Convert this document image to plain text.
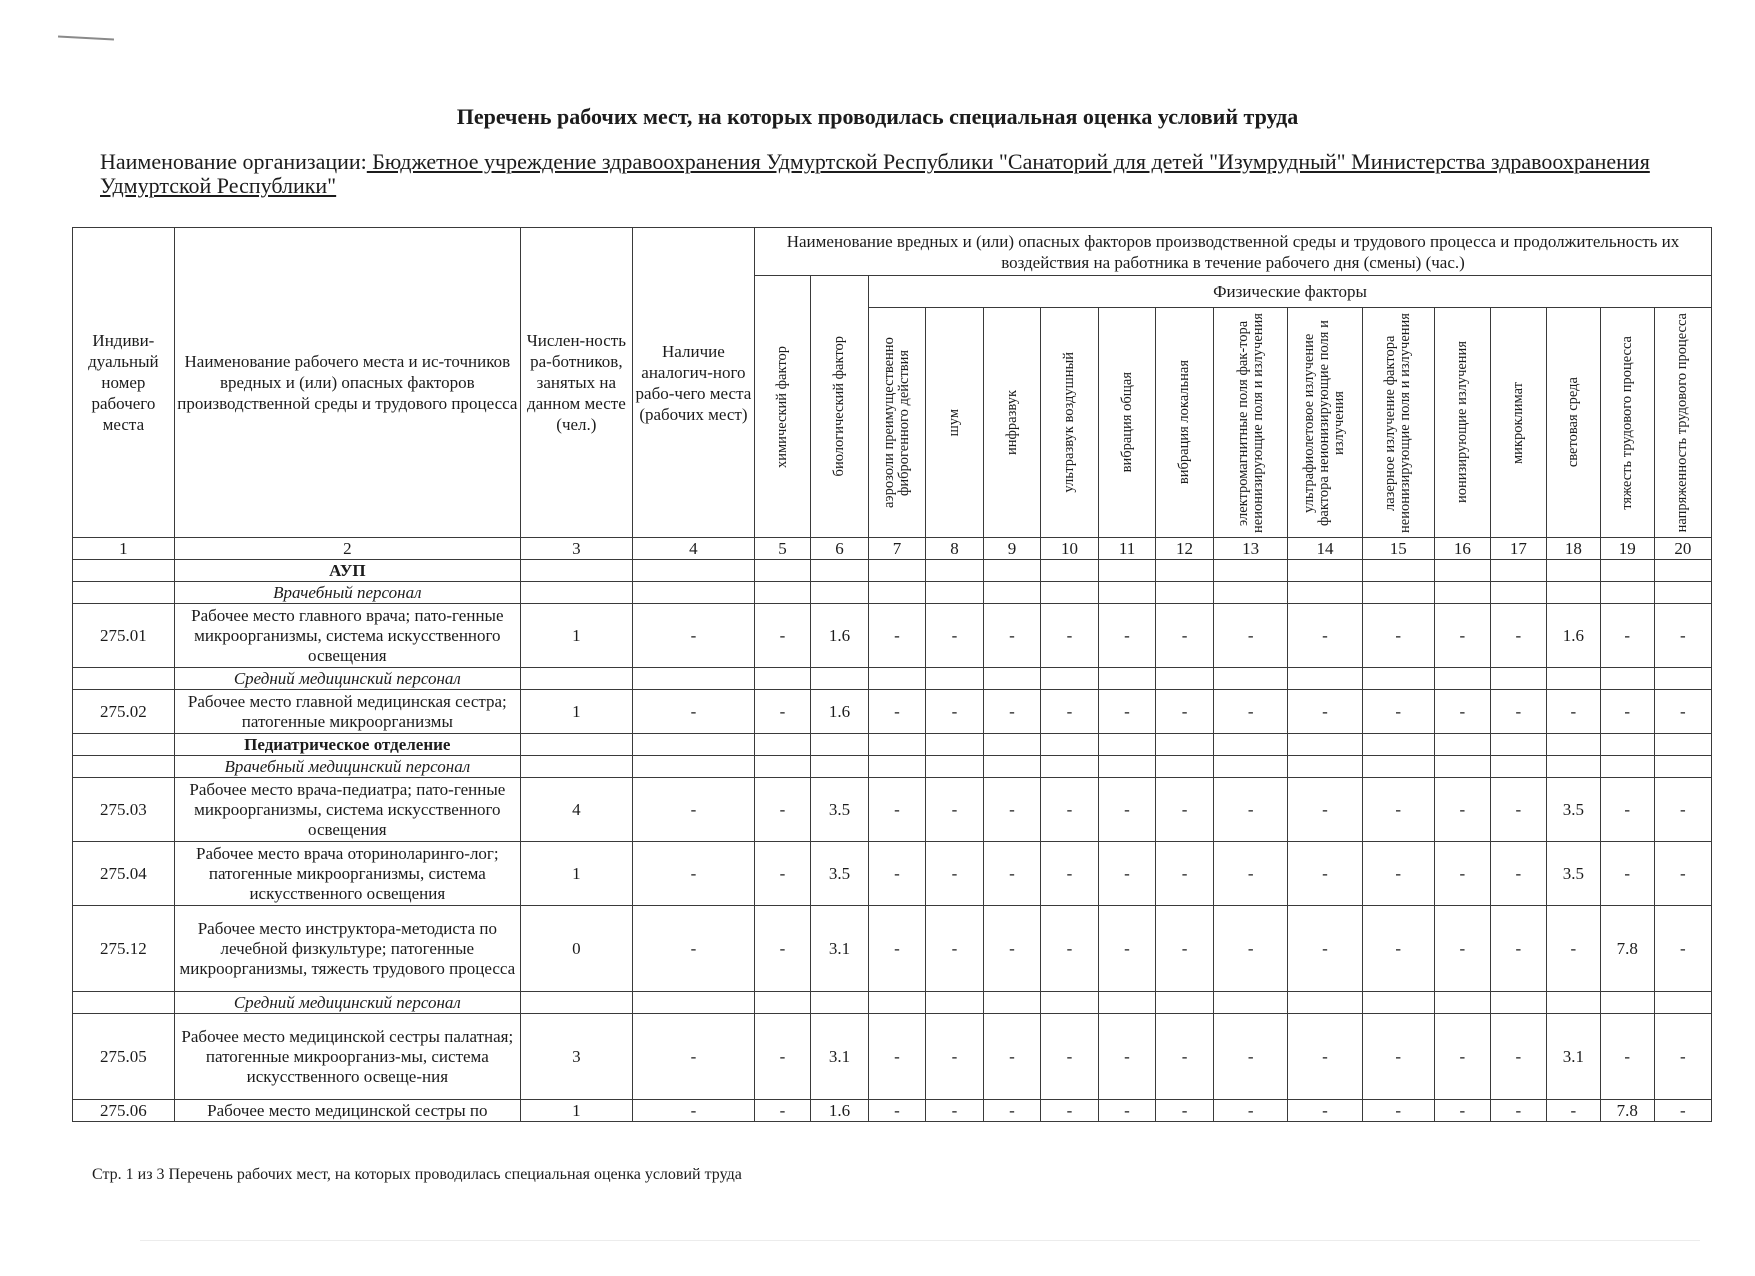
Перечень рабочих мест, на которых проводилась специальная оценка условий труда
Наименование организации: Бюджетное учреждение здравоохранения Удмуртской Республики "Санаторий для детей "Изумрудный" Министерства здравоохранения Удмуртской Республики"
Индиви-дуальный номер рабочего места	Наименование рабочего места и ис-точников вредных и (или) опасных факторов производственной среды и трудового процесса	Числен-ность ра-ботников, занятых на данном месте (чел.)	Наличие аналогич-ного рабо-чего места (рабочих мест)	Наименование вредных и (или) опасных факторов производственной среды и трудового процесса и продолжительность их воздействия на работника в течение рабочего дня (смены) (час.)															

				химический фактор	биологический фактор	Физические факторы													

						аэрозоли преимущественно фиброгенного действия	шум	инфразвук	ультразвук воздушный	вибрация общая	вибрация локальная	электромагнитные поля фак-тора неионизирующие поля и излучения	ультрафиолетовое излучение фактора неионизирующие поля и излучения	лазерное излучение фактора неионизирующие поля и излучения	ионизирующие излучения	микроклимат	световая среда	тяжесть трудового процесса	напряженность трудового процесса

1	2	3	4	5	6	7	8	9	10	11	12	13	14	15	16	17	18	19	20
	АУП																		
	Врачебный персонал																		
275.01	Рабочее место главного врача; пато-генные микроорганизмы, система искусственного освещения	1	-	-	1.6	-	-	-	-	-	-	-	-	-	-	-	1.6	-	-
	Средний медицинский персонал																		
275.02	Рабочее место главной медицинская сестра; патогенные микроорганизмы	1	-	-	1.6	-	-	-	-	-	-	-	-	-	-	-	-	-	-
	Педиатрическое отделение																		
	Врачебный медицинский персонал																		
275.03	Рабочее место врача-педиатра; пато-генные микроорганизмы, система искусственного освещения	4	-	-	3.5	-	-	-	-	-	-	-	-	-	-	-	3.5	-	-
275.04	Рабочее место врача оториноларинго-лог; патогенные микроорганизмы, система искусственного освещения	1	-	-	3.5	-	-	-	-	-	-	-	-	-	-	-	3.5	-	-
275.12	Рабочее место инструктора-методиста по лечебной физкультуре; патогенные микроорганизмы, тяжесть трудового процесса	0	-	-	3.1	-	-	-	-	-	-	-	-	-	-	-	-	7.8	-
	Средний медицинский персонал																		
275.05	Рабочее место медицинской сестры палатная; патогенные микроорганиз-мы, система искусственного освеще-ния	3	-	-	3.1	-	-	-	-	-	-	-	-	-	-	-	3.1	-	-
275.06	Рабочее место медицинской сестры по	1	-	-	1.6	-	-	-	-	-	-	-	-	-	-	-	-	7.8	-
Стр. 1 из 3 Перечень рабочих мест, на которых проводилась специальная оценка условий труда
